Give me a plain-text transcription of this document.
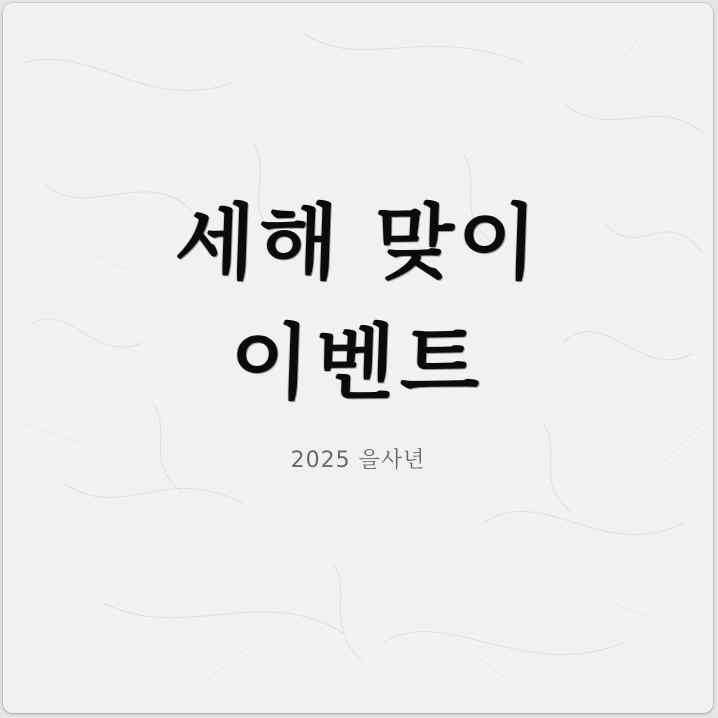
세해 맞이
이벤트
2025 을사년
